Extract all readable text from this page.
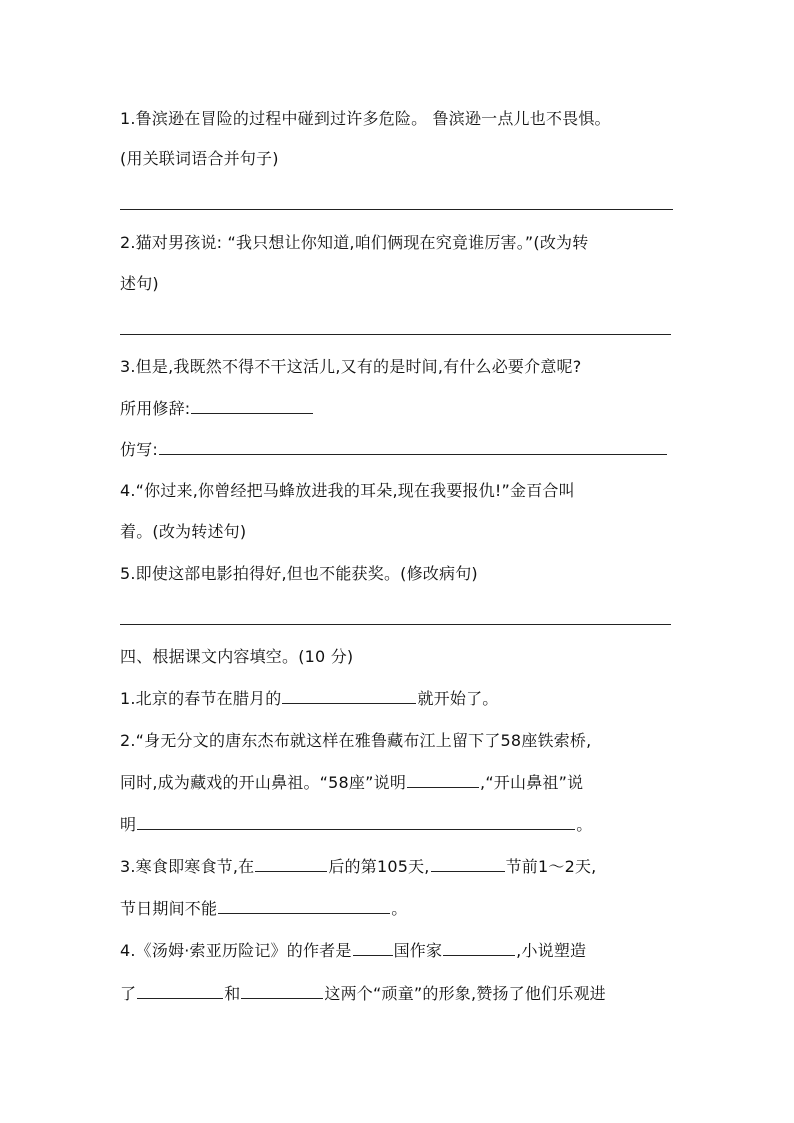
1.鲁滨逊在冒险的过程中碰到过许多危险。 鲁滨逊一点儿也不畏惧。
(用关联词语合并句子)
2.猫对男孩说: “我只想让你知道,咱们俩现在究竟谁厉害。”(改为转
述句)
3.但是,我既然不得不干这活儿,又有的是时间,有什么必要介意呢?
所用修辞:
仿写:
4.“你过来,你曾经把马蜂放进我的耳朵,现在我要报仇!”金百合叫
着。(改为转述句)
5.即使这部电影拍得好,但也不能获奖。(修改病句)
四、根据课文内容填空。(10 分)
1.北京的春节在腊月的	就开始了。
2.“身无分文的唐东杰布就这样在雅鲁藏布江上留下了58座铁索桥,
同时,成为藏戏的开山鼻祖。“58座”说明	,“开山鼻祖”说
明	。
3.寒食即寒食节,在	后的第105天,	节前1～2天,
节日期间不能	。
4.《汤姆·索亚历险记》的作者是	国作家	,小说塑造
了	和	这两个“顽童”的形象,赞扬了他们乐观进
